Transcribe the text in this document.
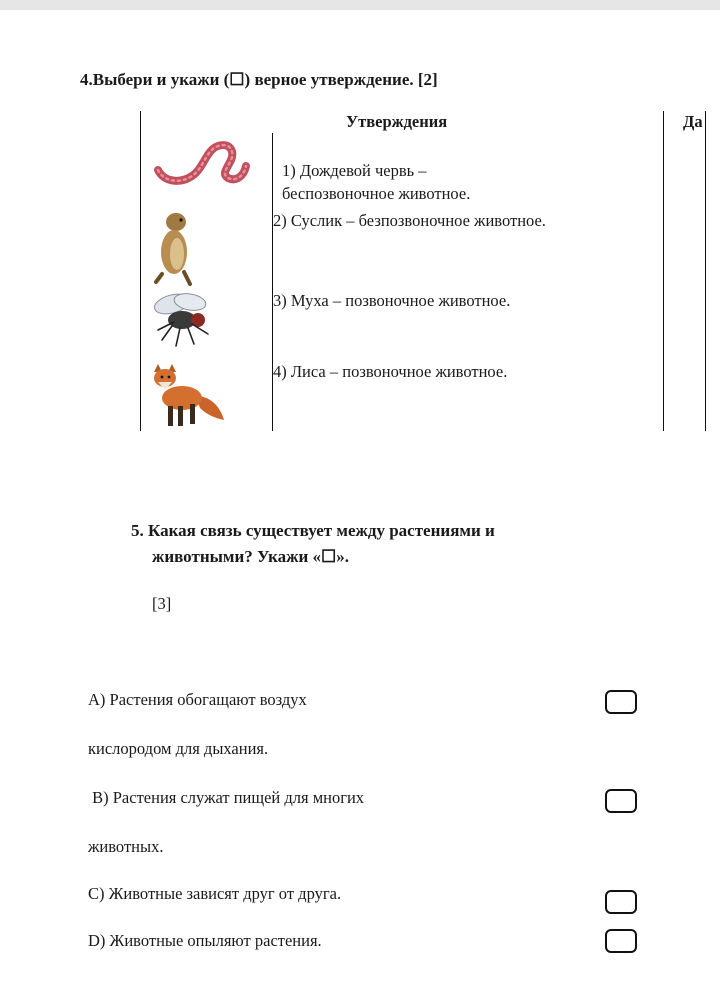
4.Выбери и укажи (☐) верное утверждение. [2]
Утверждения	Да
1) Дождевой червь –
беспозвоночное животное.
2) Суслик – безпозвоночное животное.
3) Муха – позвоночное животное.
4) Лиса – позвоночное животное.
5. Какая связь существует между растениями и
животными? Укажи «☐».
[3]
А) Растения обогащают воздух
кислородом для дыхания.
В) Растения служат пищей для многих
животных.
С) Животные зависят друг от друга.
D) Животные опыляют растения.
